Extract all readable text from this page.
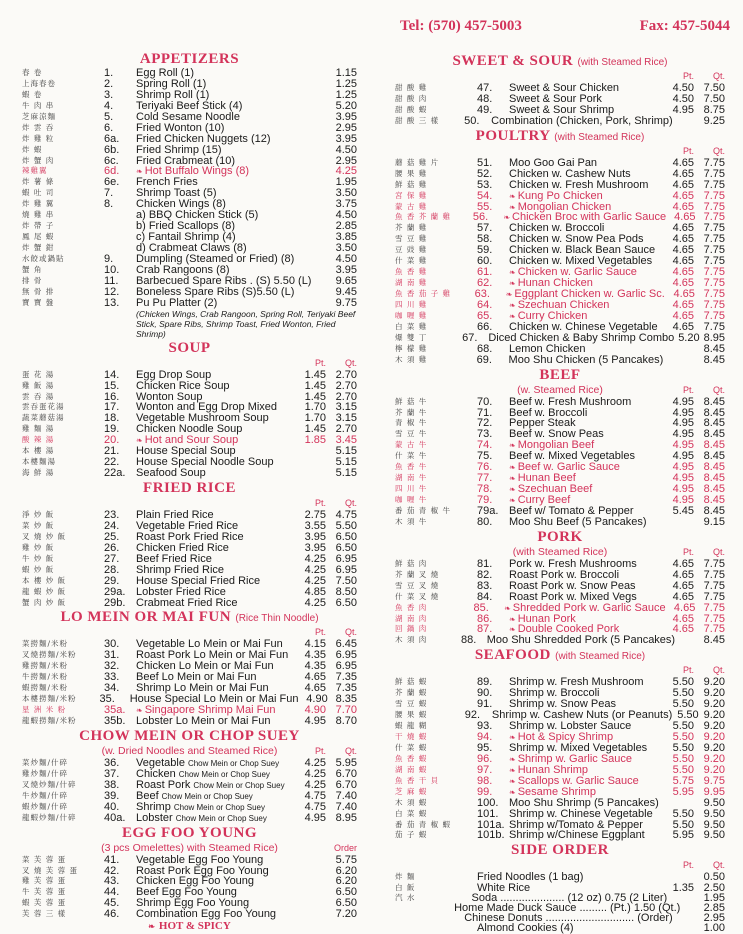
Tel: (570) 457-5003	Fax: 457-5044
APPETIZERS
春 卷	1.	Egg Roll (1)	1.15
上海春卷	2.	Spring Roll (1)	1.25
蝦 卷	3.	Shrimp Roll (1)	1.25
牛 肉 串	4.	Teriyaki Beef Stick (4)	5.20
芝麻涼麵	5.	Cold Sesame Noodle	3.95
炸 雲 吞	6.	Fried Wonton (10)	2.95
炸 雞 粒	6a.	Fried Chicken Nuggets (12)	3.95
炸 蝦	6b.	Fried Shrimp (15)	4.50
炸 蟹 肉	6c.	Fried Crabmeat (10)	2.95
辣雞翼	6d.	❧ Hot Buffalo Wings (8)	4.25
炸 薯 條	6e.	French Fries	1.95
蝦 吐 司	7.	Shrimp Toast (5)	3.50
炸 雞 翼	8.	Chicken Wings (8)	3.75
燒 雞 串	a) BBQ Chicken Stick (5)	4.50
炸 帶 子	b) Fried Scallops (8)	2.85
鳳 尾 蝦	c) Fantail Shrimp (4)	3.85
炸 蟹 鉗	d) Crabmeat Claws (8)	3.50
水餃或鍋貼	9.	Dumpling (Steamed or Fried) (8)	4.50
蟹 角	10.	Crab Rangoons (8)	3.95
排 骨	11.	Barbecued Spare Ribs . (S) 5.50 (L)	9.65
無 骨 排	12.	Boneless Spare Ribs (S)5.50 (L)	9.45
寶 寶 盤	13.	Pu Pu Platter (2)	9.75
(Chicken Wings, Crab Rangoon, Spring Roll, Teriyaki Beef Stick, Spare Ribs, Shrimp Toast, Fried Wonton, Fried Shrimp)
SOUP
Pt. Qt.
蛋 花 湯	14.	Egg Drop Soup	1.45 2.70
雞 飯 湯	15.	Chicken Rice Soup	1.45 2.70
雲 吞 湯	16.	Wonton Soup	1.45 2.70
雲吞蛋花湯	17.	Wonton and Egg Drop Mixed	1.70 3.15
蔬菜蘑菇湯	18.	Vegetable Mushroom Soup	1.70 3.15
雞 麵 湯	19.	Chicken Noodle Soup	1.45 2.70
酸 辣 湯	20.	❧ Hot and Sour Soup	1.85 3.45
本 樓 湯	21.	House Special Soup	5.15
本樓麵湯	22.	House Special Noodle Soup	5.15
海 鮮 湯	22a. Seafood Soup	5.15
FRIED RICE
Pt. Qt.
淨 炒 飯	23.	Plain Fried Rice	2.75 4.75
菜 炒 飯	24.	Vegetable Fried Rice	3.55 5.50
叉 燒 炒 飯	25.	Roast Pork Fried Rice	3.95 6.50
雞 炒 飯	26.	Chicken Fried Rice	3.95 6.50
牛 炒 飯	27.	Beef Fried Rice	4.25 6.95
蝦 炒 飯	28.	Shrimp Fried Rice	4.25 6.95
本 樓 炒 飯	29.	House Special Fried Rice	4.25 7.50
龍 蝦 炒 飯	29a. Lobster Fried Rice	4.85 8.50
蟹 肉 炒 飯	29b. Crabmeat Fried Rice	4.25 6.50
LO MEIN OR MAI FUN (Rice Thin Noodle)
Pt. Qt.
菜撈麵/米粉	30.	Vegetable Lo Mein or Mai Fun	4.15 6.45
叉燒撈麵/米粉	31.	Roast Pork Lo Mein or Mai Fun	4.35 6.95
雞撈麵/米粉	32.	Chicken Lo Mein or Mai Fun	4.35 6.95
牛撈麵/米粉	33.	Beef Lo Mein or Mai Fun	4.65 7.35
蝦撈麵/米粉	34.	Shrimp Lo Mein or Mai Fun	4.65 7.35
本樓撈麵/米粉	35.	House Special Lo Mein or Mai Fun 4.90 8.35
星 洲 米 粉	35a.	❧ Singapore Shrimp Mai Fun	4.90 7.70
龍蝦撈麵/米粉	35b. Lobster Lo Mein or Mai Fun	4.95 8.70
CHOW MEIN OR CHOP SUEY
(w. Dried Noodles and Steamed Rice)	Pt. Qt.
菜炒麵/什碎	36.	Vegetable Chow Mein or Chop Suey	4.25 5.95
雞炒麵/什碎	37.	Chicken Chow Mein or Chop Suey	4.25 6.70
叉燒炒麵/什碎	38.	Roast Pork Chow Mein or Chop Suey	4.25 6.70
牛炒麵/什碎	39.	Beef Chow Mein or Chop Suey	4.75 7.40
蝦炒麵/什碎	40.	Shrimp Chow Mein or Chop Suey	4.75 7.40
龍蝦炒麵/什碎	40a. Lobster Chow Mein or Chop Suey	4.95 8.95
EGG FOO YOUNG
(3 pcs Omelettes) with Steamed Rice)	Order
菜 芙 蓉 蛋	41.	Vegetable Egg Foo Young	5.75
叉 燒 芙 蓉 蛋	42.	Roast Pork Egg Foo Young	6.20
雞 芙 蓉 蛋	43.	Chicken Egg Foo Young	6.20
牛 芙 蓉 蛋	44.	Beef Egg Foo Young	6.50
蝦 芙 蓉 蛋	45.	Shrimp Egg Foo Young	6.50
芙 蓉 三 樣	46.	Combination Egg Foo Young	7.20
❧ HOT & SPICY
SWEET & SOUR (with Steamed Rice)
Pt. Qt.
甜 酸 雞	47.	Sweet & Sour Chicken	4.50 7.50
甜 酸 肉	48.	Sweet & Sour Pork	4.50 7.50
甜 酸 蝦	49.	Sweet & Sour Shrimp	4.95 8.75
甜 酸 三 樣	50.	Combination (Chicken, Pork, Shrimp)	9.25
POULTRY (with Steamed Rice)
Pt. Qt.
蘑 菇 雞 片	51.	Moo Goo Gai Pan	4.65 7.75
腰 果 雞	52.	Chicken w. Cashew Nuts	4.65 7.75
鮮 菇 雞	53.	Chicken w. Fresh Mushroom	4.65 7.75
宮 保 雞	54.	❧ Kung Po Chicken	4.65 7.75
蒙 古 雞	55.	❧ Mongolian Chicken	4.65 7.75
魚 香 芥 蘭 雞	56.	❧ Chicken Broc with Garlic Sauce 4.65 7.75
芥 蘭 雞	57.	Chicken w. Broccoli	4.65 7.75
雪 豆 雞	58.	Chicken w. Snow Pea Pods	4.65 7.75
豆 豉 雞	59.	Chicken w. Black Bean Sauce	4.65 7.75
什 菜 雞	60.	Chicken w. Mixed Vegetables	4.65 7.75
魚 香 雞	61.	❧ Chicken w. Garlic Sauce	4.65 7.75
湖 南 雞	62.	❧ Hunan Chicken	4.65 7.75
魚 香 茄 子 雞	63.	❧ Eggplant Chicken w. Garlic Sc. 4.65 7.75
四 川 雞	64.	❧ Szechuan Chicken	4.65 7.75
咖 喱 雞	65.	❧ Curry Chicken	4.65 7.75
白 菜 雞	66.	Chicken w. Chinese Vegetable	4.65 7.75
爆 雙 丁	67. Diced Chicken & Baby Shrimp Combo 5.20 8.95
檸 檬 雞	68.	Lemon Chicken	8.45
木 須 雞	69.	Moo Shu Chicken (5 Pancakes)	8.45
BEEF
(w. Steamed Rice)	Pt. Qt.
鮮 菇 牛	70.	Beef w. Fresh Mushroom	4.95 8.45
芥 蘭 牛	71.	Beef w. Broccoli	4.95 8.45
青 椒 牛	72.	Pepper Steak	4.95 8.45
雪 豆 牛	73.	Beef w. Snow Peas	4.95 8.45
蒙 古 牛	74.	❧ Mongolian Beef	4.95 8.45
什 菜 牛	75.	Beef w. Mixed Vegetables	4.95 8.45
魚 香 牛	76.	❧ Beef w. Garlic Sauce	4.95 8.45
湖 南 牛	77.	❧ Hunan Beef	4.95 8.45
四 川 牛	78.	❧ Szechuan Beef	4.95 8.45
咖 喱 牛	79.	❧ Curry Beef	4.95 8.45
番 茄 青 椒 牛	79a. Beef w/ Tomato & Pepper	5.45 8.45
木 須 牛	80.	Moo Shu Beef (5 Pancakes)	9.15
PORK
(with Steamed Rice)	Pt. Qt.
鮮 菇 肉	81.	Pork w. Fresh Mushrooms	4.65 7.75
芥 蘭 叉 燒	82.	Roast Pork w. Broccoli	4.65 7.75
雪 豆 叉 燒	83.	Roast Pork w. Snow Peas	4.65 7.75
什 菜 叉 燒	84.	Roast Pork w. Mixed Vegs	4.65 7.75
魚 香 肉	85.	❧ Shredded Pork w. Garlic Sauce 4.65 7.75
湖 南 肉	86.	❧ Hunan Pork	4.65 7.75
回 鍋 肉	87.	❧ Double Cooked Pork	4.65 7.75
木 須 肉	88. Moo Shu Shredded Pork (5 Pancakes)	8.45
SEAFOOD (with Steamed Rice)
Pt. Qt.
鮮 菇 蝦	89.	Shrimp w. Fresh Mushroom	5.50 9.20
芥 蘭 蝦	90.	Shrimp w. Broccoli	5.50 9.20
雪 豆 蝦	91.	Shrimp w. Snow Peas	5.50 9.20
腰 果 蝦	92.	Shrimp w. Cashew Nuts (or Peanuts) 5.50 9.20
蝦 龍 糊	93.	Shrimp w. Lobster Sauce	5.50 9.20
干 燒 蝦	94.	❧ Hot & Spicy Shrimp	5.50 9.20
什 菜 蝦	95.	Shrimp w. Mixed Vegetables	5.50 9.20
魚 香 蝦	96.	❧ Shrimp w. Garlic Sauce	5.50 9.20
湖 南 蝦	97.	❧ Hunan Shrimp	5.50 9.20
魚 香 干 貝	98.	❧ Scallops w. Garlic Sauce	5.75 9.75
芝 麻 蝦	99.	❧ Sesame Shrimp	5.95 9.95
木 須 蝦	100. Moo Shu Shrimp (5 Pancakes)	9.50
白 菜 蝦	101. Shrimp w. Chinese Vegetable	5.50 9.50
番 茄 青 椒 蝦	101a. Shrimp w/Tomato & Pepper	5.50 9.50
茄 子 蝦	101b. Shrimp w/Chinese Eggplant	5.95 9.50
SIDE ORDER
Pt. Qt.
炸 麵	Fried Noodles (1 bag)	0.50
白 飯	White Rice	1.35 2.50
汽 水	Soda ..................... (12 oz) 0.75 (2 Liter)	1.95
Home Made Duck Sauce ......... (Pt.) 1.50 (Qt.) 2.85
Chinese Donuts ............................. (Order)	2.95
Almond Cookies (4)	1.00
